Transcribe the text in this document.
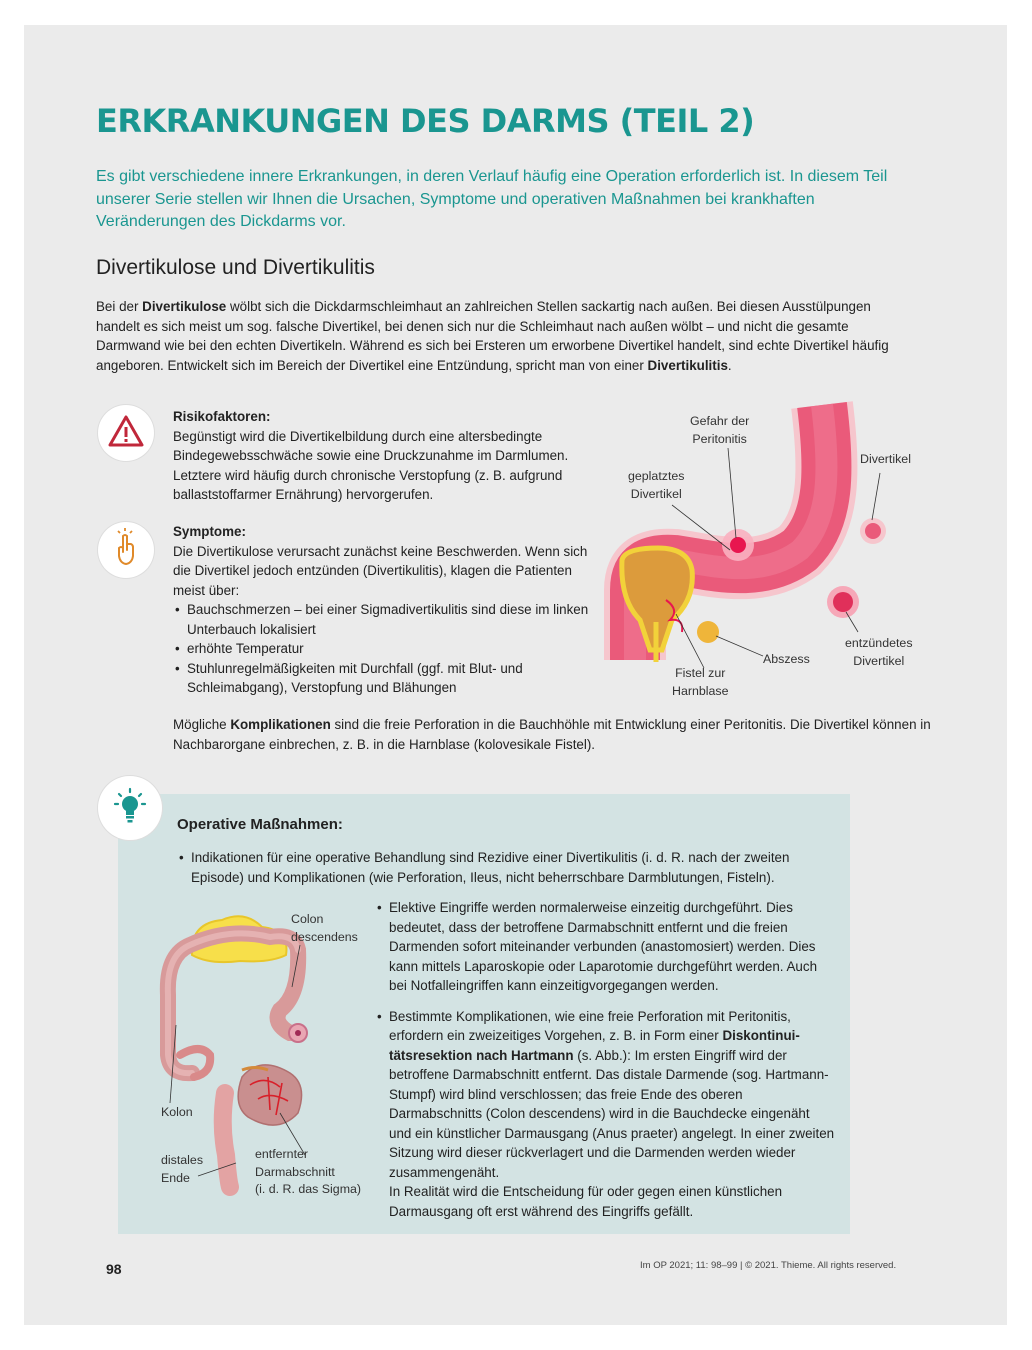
ERKRANKUNGEN DES DARMS (TEIL 2)
Es gibt verschiedene innere Erkrankungen, in deren Verlauf häufig eine Operation erforderlich ist. In diesem Teil unserer Serie stellen wir Ihnen die Ursachen, Symptome und operativen Maßnahmen bei krankhaften Veränderungen des Dickdarms vor.
Divertikulose und Divertikulitis
Bei der Divertikulose wölbt sich die Dickdarmschleimhaut an zahlreichen Stellen sackartig nach außen. Bei diesen Ausstülpungen handelt es sich meist um sog. falsche Divertikel, bei denen sich nur die Schleimhaut nach außen wölbt – und nicht die gesamte Darmwand wie bei den echten Divertikeln. Während es sich bei Ersteren um erworbene Divertikel handelt, sind echte Divertikel häufig angeboren. Entwickelt sich im Bereich der Divertikel eine Entzündung, spricht man von einer Divertikulitis.
Risikofaktoren:
Begünstigt wird die Divertikelbildung durch eine altersbedingte Bindegewebsschwäche sowie eine Druckzunahme im Darmlumen. Letztere wird häufig durch chronische Verstopfung (z. B. aufgrund ballaststoffarmer Ernährung) hervorgerufen.
Symptome:
Die Divertikulose verursacht zunächst keine Beschwerden. Wenn sich die Divertikel jedoch entzünden (Divertikulitis), klagen die Patienten meist über:
• Bauchschmerzen – bei einer Sigmadivertikulitis sind diese im linken Unterbauch lokalisiert
• erhöhte Temperatur
• Stuhlunregelmäßigkeiten mit Durchfall (ggf. mit Blut- und Schleimabgang), Verstopfung und Blähungen
Gefahr der
Peritonitis
Divertikel
geplatztes
Divertikel
entzündetes
Divertikel
Abszess
Fistel zur
Harnblase
Mögliche Komplikationen sind die freie Perforation in die Bauchhöhle mit Entwicklung einer Peritonitis. Die Divertikel können in Nachbarorgane einbrechen, z. B. in die Harnblase (kolovesikale Fistel).
Operative Maßnahmen:
• Indikationen für eine operative Behandlung sind Rezidive einer Divertikulitis (i. d. R. nach der zweiten Episode) und Komplikationen (wie Perforation, Ileus, nicht beherrschbare Darmblutungen, Fisteln).
• Elektive Eingriffe werden normalerweise einzeitig durchgeführt. Dies bedeutet, dass der betroffene Darmabschnitt entfernt und die freien Darmenden sofort miteinander verbunden (anastomosiert) werden. Dies kann mittels Laparoskopie oder Laparotomie durchgeführt werden. Auch bei Notfalleingriffen kann einzeitigvorgegangen werden.
• Bestimmte Komplikationen, wie eine freie Perforation mit Peritonitis, erfordern ein zweizeitiges Vorgehen, z. B. in Form einer Diskontinuitätsresektion nach Hartmann (s. Abb.): Im ersten Eingriff wird der betroffene Darmabschnitt entfernt. Das distale Darmende (sog. Hartmann-Stumpf) wird blind verschlossen; das freie Ende des oberen Darmabschnitts (Colon descendens) wird in die Bauchdecke eingenäht und ein künstlicher Darmausgang (Anus praeter) angelegt. In einer zweiten Sitzung wird dieser rückverlagert und die Darmenden werden wieder zusammengenäht.
In Realität wird die Entscheidung für oder gegen einen künstlichen Darmausgang oft erst während des Eingriffs gefällt.
Colon
descendens
Kolon
distales
Ende
entfernter
Darmabschnitt
(i. d. R. das Sigma)
98	Im OP 2021; 11: 98–99 | © 2021. Thieme. All rights reserved.
